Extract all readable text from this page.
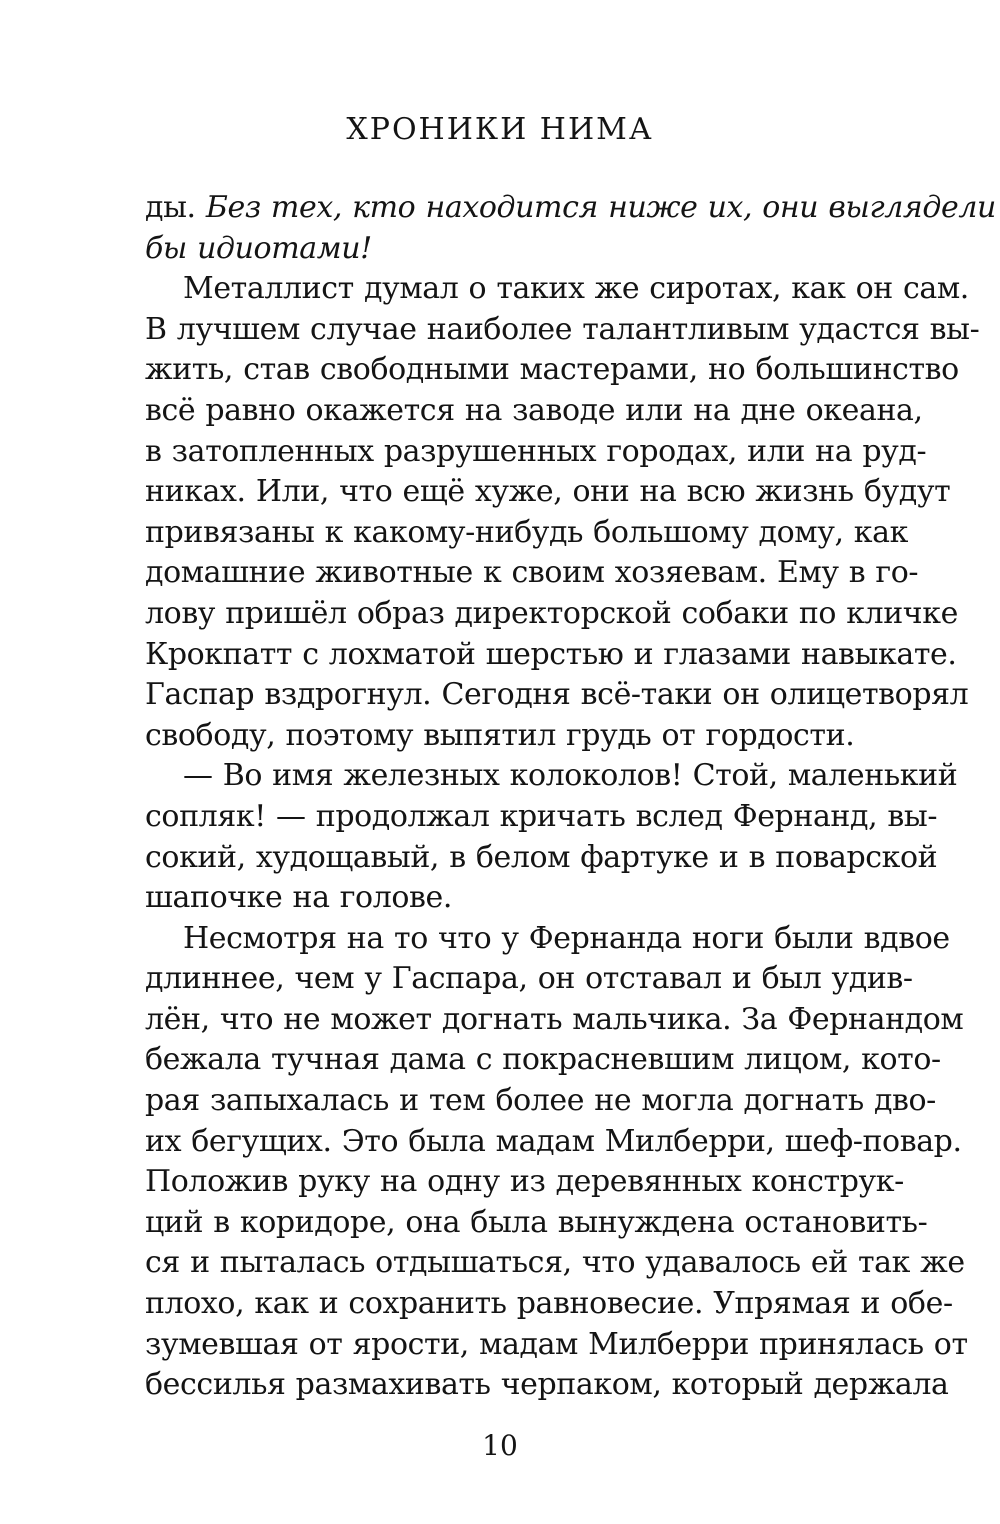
ХРОНИКИ НИМА
ды. Без тех, кто находится ниже их, они выглядели
бы идиотами!
Металлист думал о таких же сиротах, как он сам.
В лучшем случае наиболее талантливым удастся вы-
жить, став свободными мастерами, но большинство
всё равно окажется на заводе или на дне океана,
в затопленных разрушенных городах, или на руд-
никах. Или, что ещё хуже, они на всю жизнь будут
привязаны к какому-нибудь большому дому, как
домашние животные к своим хозяевам. Ему в го-
лову пришёл образ директорской собаки по кличке
Крокпатт с лохматой шерстью и глазами навыкате.
Гаспар вздрогнул. Сегодня всё-таки он олицетворял
свободу, поэтому выпятил грудь от гордости.
— Во имя железных колоколов! Стой, маленький
сопляк! — продолжал кричать вслед Фернанд, вы-
сокий, худощавый, в белом фартуке и в поварской
шапочке на голове.
Несмотря на то что у Фернанда ноги были вдвое
длиннее, чем у Гаспара, он отставал и был удив-
лён, что не может догнать мальчика. За Фернандом
бежала тучная дама с покрасневшим лицом, кото-
рая запыхалась и тем более не могла догнать дво-
их бегущих. Это была мадам Милберри, шеф-повар.
Положив руку на одну из деревянных конструк-
ций в коридоре, она была вынуждена остановить-
ся и пыталась отдышаться, что удавалось ей так же
плохо, как и сохранить равновесие. Упрямая и обе-
зумевшая от ярости, мадам Милберри принялась от
бессилья размахивать черпаком, который держала
10
